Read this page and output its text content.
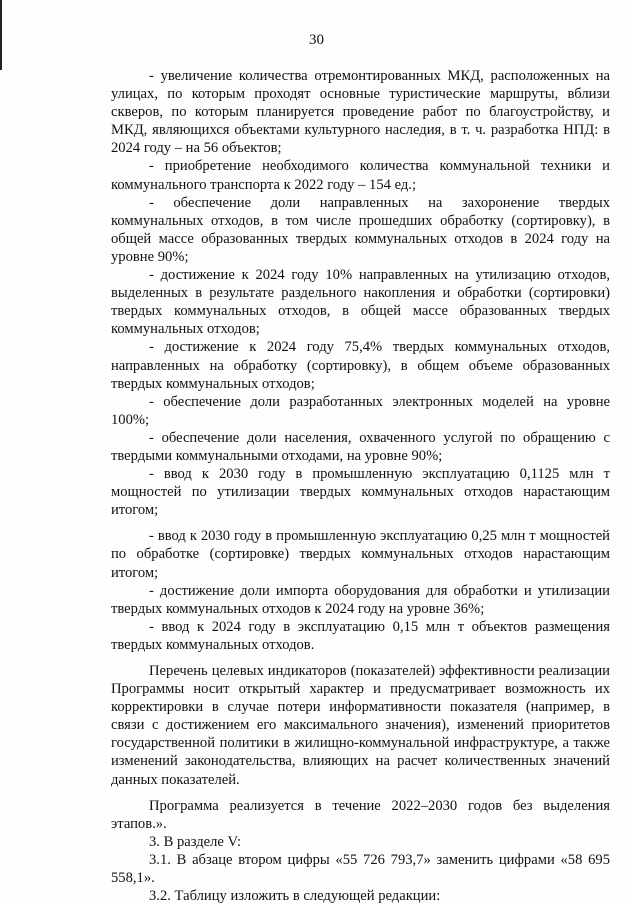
30

- увеличение количества отремонтированных МКД, расположенных на улицах, по которым проходят основные туристические маршруты, вблизи скверов, по которым планируется проведение работ по благоустройству, и МКД, являющихся объектами культурного наследия, в т. ч. разработка НПД: в 2024 году – на 56 объектов;

- приобретение необходимого количества коммунальной техники и коммунального транспорта к 2022 году – 154 ед.;

- обеспечение доли направленных на захоронение твердых коммунальных отходов, в том числе прошедших обработку (сортировку), в общей массе образованных твердых коммунальных отходов в 2024 году на уровне 90%;

- достижение к 2024 году 10% направленных на утилизацию отходов, выделенных в результате раздельного накопления и обработки (сортировки) твердых коммунальных отходов, в общей массе образованных твердых коммунальных отходов;

- достижение к 2024 году 75,4% твердых коммунальных отходов, направленных на обработку (сортировку), в общем объеме образованных твердых коммунальных отходов;

- обеспечение доли разработанных электронных моделей на уровне 100%;

- обеспечение доли населения, охваченного услугой по обращению с твердыми коммунальными отходами, на уровне 90%;

- ввод к 2030 году в промышленную эксплуатацию 0,1125 млн т мощностей по утилизации твердых коммунальных отходов нарастающим итогом;

- ввод к 2030 году в промышленную эксплуатацию 0,25 млн т мощностей по обработке (сортировке) твердых коммунальных отходов нарастающим итогом;

- достижение доли импорта оборудования для обработки и утилизации твердых коммунальных отходов к 2024 году на уровне 36%;

- ввод к 2024 году в эксплуатацию 0,15 млн т объектов размещения твердых коммунальных отходов.

Перечень целевых индикаторов (показателей) эффективности реализации Программы носит открытый характер и предусматривает возможность их корректировки в случае потери информативности показателя (например, в связи с достижением его максимального значения), изменений приоритетов государственной политики в жилищно-коммунальной инфраструктуре, а также изменений законодательства, влияющих на расчет количественных значений данных показателей.

Программа реализуется в течение 2022–2030 годов без выделения этапов.».

3. В разделе V:

3.1. В абзаце втором цифры «55 726 793,7» заменить цифрами «58 695 558,1».

3.2. Таблицу изложить в следующей редакции:
